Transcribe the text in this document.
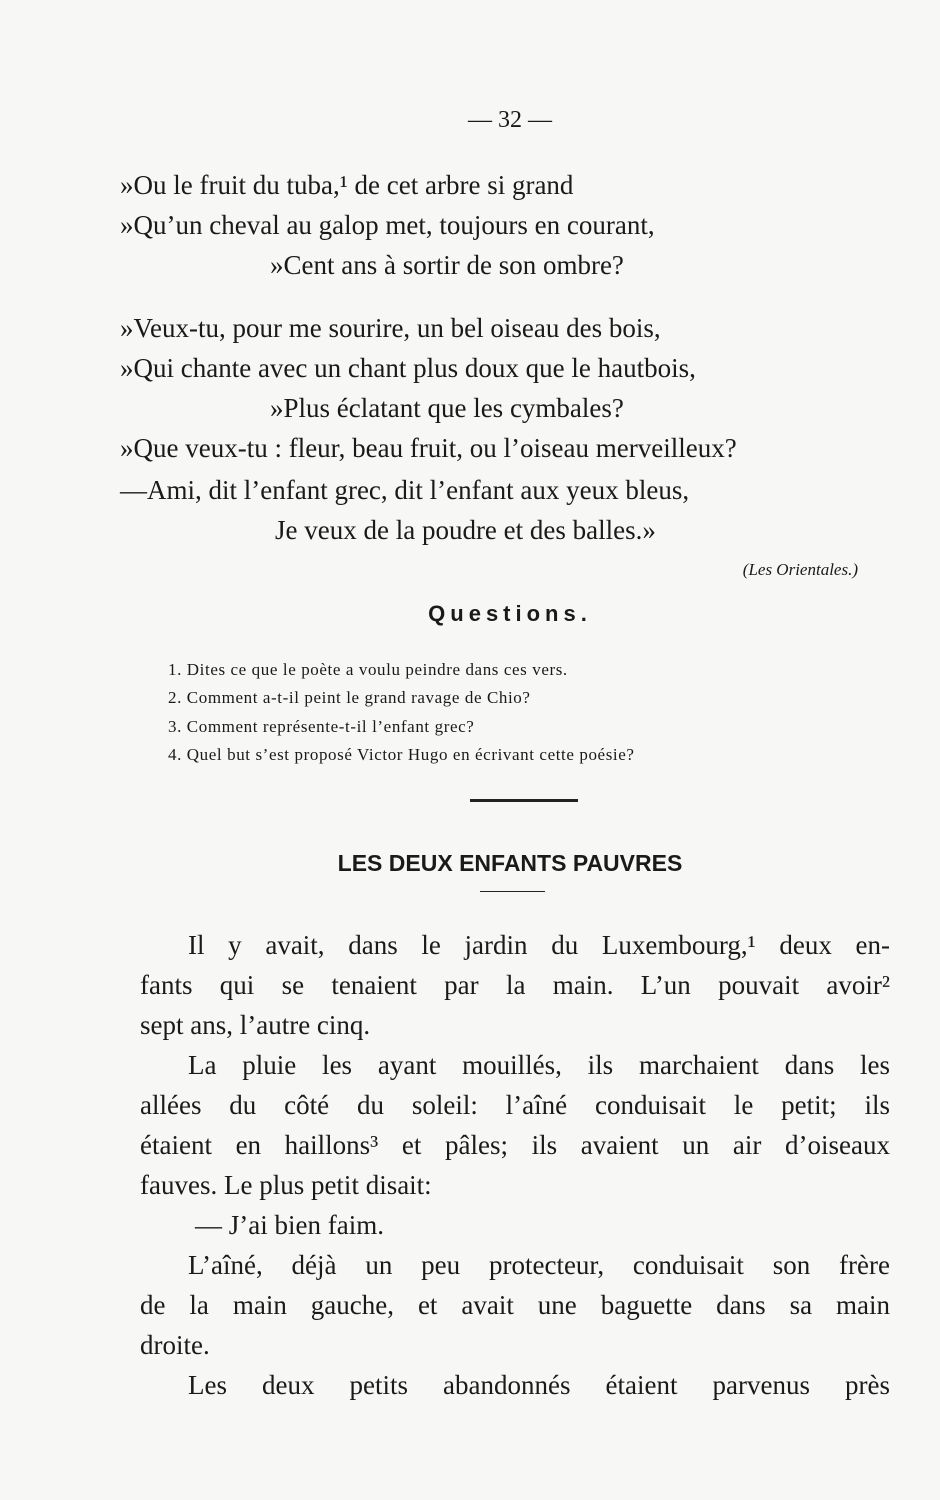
— 32 —
»Ou le fruit du tuba,¹ de cet arbre si grand
»Qu’un cheval au galop met, toujours en courant,
»Cent ans à sortir de son ombre?
»Veux-tu, pour me sourire, un bel oiseau des bois,
»Qui chante avec un chant plus doux que le hautbois,
»Plus éclatant que les cymbales?
»Que veux-tu : fleur, beau fruit, ou l’oiseau merveilleux?
—Ami, dit l’enfant grec, dit l’enfant aux yeux bleus,
Je veux de la poudre et des balles.»
(Les Orientales.)
Questions.
1. Dites ce que le poète a voulu peindre dans ces vers.
2. Comment a-t-il peint le grand ravage de Chio?
3. Comment représente-t-il l’enfant grec?
4. Quel but s’est proposé Victor Hugo en écrivant cette poésie?
LES DEUX ENFANTS PAUVRES
Il y avait, dans le jardin du Luxembourg,¹ deux en-
fants qui se tenaient par la main. L’un pouvait avoir²
sept ans, l’autre cinq.
La pluie les ayant mouillés, ils marchaient dans les
allées du côté du soleil: l’aîné conduisait le petit; ils
étaient en haillons³ et pâles; ils avaient un air d’oiseaux
fauves. Le plus petit disait:
— J’ai bien faim.
L’aîné, déjà un peu protecteur, conduisait son frère
de la main gauche, et avait une baguette dans sa main
droite.
Les deux petits abandonnés étaient parvenus près
